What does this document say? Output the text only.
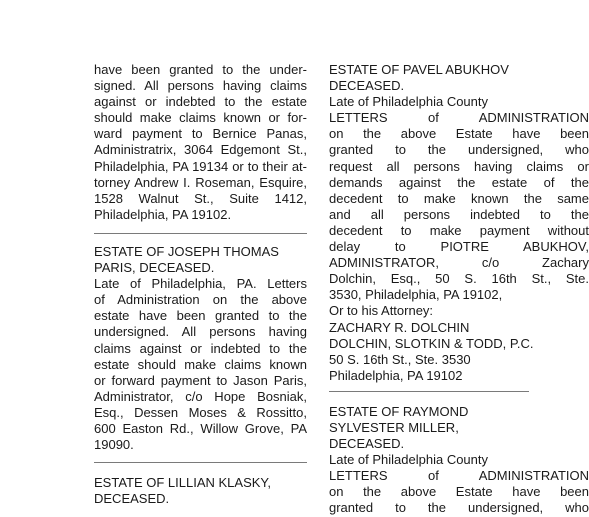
have been granted to the under-
signed. All persons having claims
against or indebted to the estate
should make claims known or for-
ward payment to Bernice Panas,
Administratrix, 3064 Edgemont St.,
Philadelphia, PA 19134 or to their at-
torney Andrew I. Roseman, Esquire,
1528 Walnut St., Suite 1412,
Philadelphia, PA 19102.

ESTATE OF JOSEPH THOMAS
PARIS, DECEASED.

Late of Philadelphia, PA. Letters
of Administration on the above
estate have been granted to the
undersigned. All persons having
claims against or indebted to the
estate should make claims known
or forward payment to Jason Paris,
Administrator, c/o Hope Bosniak,
Esq., Dessen Moses & Rossitto,
600 Easton Rd., Willow Grove, PA
19090.

ESTATE OF LILLIAN KLASKY,
DECEASED.

ESTATE OF PAVEL ABUKHOV
DECEASED.

Late of Philadelphia County
LETTERS of ADMINISTRATION
on the above Estate have been
granted to the undersigned, who
request all persons having claims or
demands against the estate of the
decedent to make known the same
and all persons indebted to the
decedent to make payment without
delay to PIOTRE ABUKHOV,
ADMINISTRATOR, c/o Zachary
Dolchin, Esq., 50 S. 16th St., Ste.
3530, Philadelphia, PA 19102,
Or to his Attorney:
ZACHARY R. DOLCHIN
DOLCHIN, SLOTKIN & TODD, P.C.
50 S. 16th St., Ste. 3530
Philadelphia, PA 19102

ESTATE OF RAYMOND
SYLVESTER MILLER,
DECEASED.

Late of Philadelphia County
LETTERS of ADMINISTRATION
on the above Estate have been
granted to the undersigned, who
